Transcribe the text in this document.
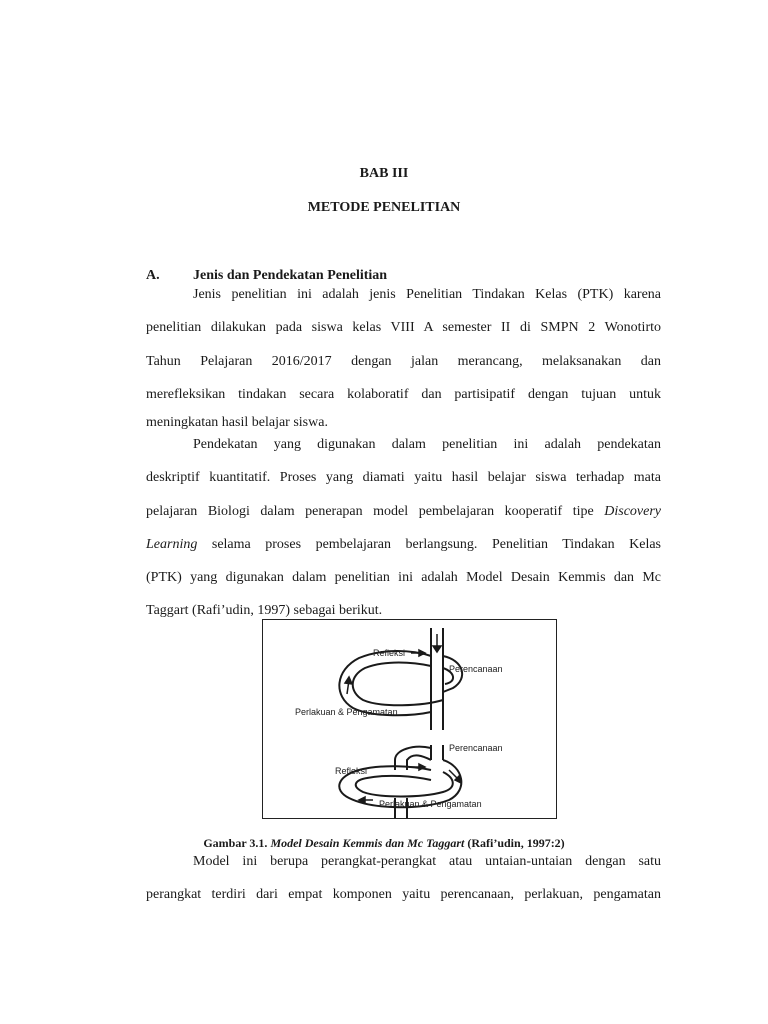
BAB III
METODE PENELITIAN
A. Jenis dan Pendekatan Penelitian
Jenis penelitian ini adalah jenis Penelitian Tindakan Kelas (PTK) karena
penelitian dilakukan pada siswa kelas VIII A semester II di SMPN 2 Wonotirto
Tahun Pelajaran 2016/2017 dengan jalan merancang, melaksanakan dan
merefleksikan tindakan secara kolaboratif dan partisipatif dengan tujuan untuk
meningkatan hasil belajar siswa.
Pendekatan yang digunakan dalam penelitian ini adalah pendekatan
deskriptif kuantitatif. Proses yang diamati yaitu hasil belajar siswa terhadap mata
pelajaran Biologi dalam penerapan model pembelajaran kooperatif tipe Discovery
Learning selama proses pembelajaran berlangsung. Penelitian Tindakan Kelas
(PTK) yang digunakan dalam penelitian ini adalah Model Desain Kemmis dan Mc
Taggart (Rafi’udin, 1997) sebagai berikut.
Refleksi
Perencanaan
Perlakuan & Pengamatan
Perencanaan
Refleksi
Perlakuan & Pengamatan
Gambar 3.1. Model Desain Kemmis dan Mc Taggart (Rafi’udin, 1997:2)
Model ini berupa perangkat-perangkat atau untaian-untaian dengan satu
perangkat terdiri dari empat komponen yaitu perencanaan, perlakuan, pengamatan
